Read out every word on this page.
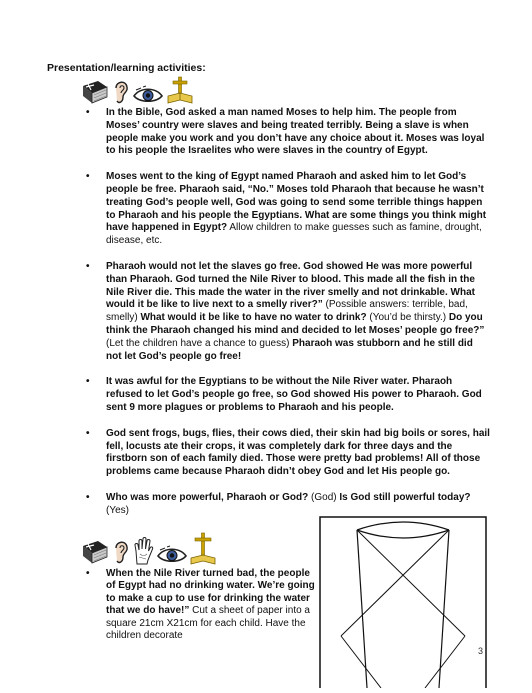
Presentation/learning activities:
• In the Bible, God asked a man named Moses to help him. The people from Moses’ country were slaves and being treated terribly. Being a slave is when people make you work and you don’t have any choice about it. Moses was loyal to his people the Israelites who were slaves in the country of Egypt.
• Moses went to the king of Egypt named Pharaoh and asked him to let God’s people be free. Pharaoh said, “No.” Moses told Pharaoh that because he wasn’t treating God’s people well, God was going to send some terrible things happen to Pharaoh and his people the Egyptians. What are some things you think might have happened in Egypt? Allow children to make guesses such as famine, drought, disease, etc.
• Pharaoh would not let the slaves go free. God showed He was more powerful than Pharaoh. God turned the Nile River to blood. This made all the fish in the Nile River die. This made the water in the river smelly and not drinkable. What would it be like to live next to a smelly river?” (Possible answers: terrible, bad, smelly) What would it be like to have no water to drink? (You’d be thirsty.) Do you think the Pharaoh changed his mind and decided to let Moses’ people go free?” (Let the children have a chance to guess) Pharaoh was stubborn and he still did not let God’s people go free!
• It was awful for the Egyptians to be without the Nile River water. Pharaoh refused to let God’s people go free, so God showed His power to Pharaoh. God sent 9 more plagues or problems to Pharaoh and his people.
• God sent frogs, bugs, flies, their cows died, their skin had big boils or sores, hail fell, locusts ate their crops, it was completely dark for three days and the firstborn son of each family died. Those were pretty bad problems! All of those problems came because Pharaoh didn’t obey God and let His people go.
• Who was more powerful, Pharaoh or God? (God) Is God still powerful today? (Yes)
• When the Nile River turned bad, the people of Egypt had no drinking water. We’re going to make a cup to use for drinking the water that we do have!” Cut a sheet of paper into a square 21cm X21cm for each child. Have the children decorate
3
